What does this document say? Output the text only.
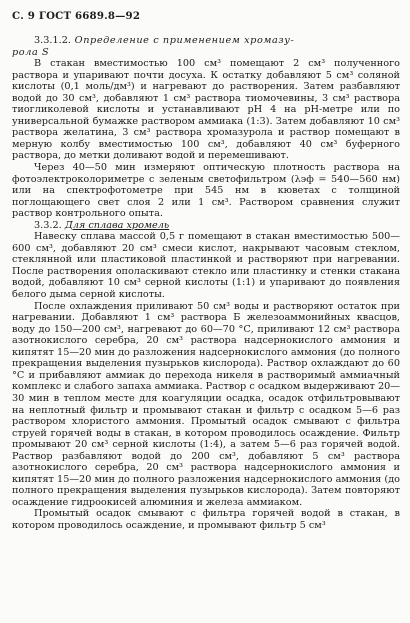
С. 9 ГОСТ 6689.8—92

3.3.1.2. Определение с применением хромазу-
рола S

В стакан вместимостью 100 см³ помещают 2 см³ полученного раствора и упаривают почти досуха. К остатку добавляют 5 см³ соляной кислоты (0,1 моль/дм³) и нагревают до растворения. Затем разбавляют водой до 30 см³, добавляют 1 см³ раствора тиомочевины, 3 см³ раствора тиогликолевой кислоты и устанавливают pH 4 на pH-метре или по универсальной бумажке раствором аммиака (1:3). Затем добавляют 10 см³ раствора желатина, 3 см³ раствора хромазурола и раствор помещают в мерную колбу вместимостью 100 см³, добавляют 40 см³ буферного раствора, до метки доливают водой и перемешивают.

Через 40—50 мин измеряют оптическую плотность раствора на фотоэлектроколориметре с зеленым светофильтром (λэф = 540—560 нм) или на спектрофотометре при 545 нм в кюветах с толщиной поглощающего свет слоя 2 или 1 см³. Раствором сравнения служит раствор контрольного опыта.

3.3.2. Для сплава хромель

Навеску сплава массой 0,5 г помещают в стакан вместимостью 500—600 см³, добавляют 20 см³ смеси кислот, накрывают часовым стеклом, стеклянной или пластиковой пластинкой и растворяют при нагревании. После растворения ополаскивают стекло или пластинку и стенки стакана водой, добавляют 10 см³ серной кислоты (1:1) и упаривают до появления белого дыма серной кислоты.

После охлаждения приливают 50 см³ воды и растворяют остаток при нагревании. Добавляют 1 см³ раствора Б железоаммонийных квасцов, воду до 150—200 см³, нагревают до 60—70 °С, приливают 12 см³ раствора азотнокислого серебра, 20 см³ раствора надсернокислого аммония и кипятят 15—20 мин до разложения надсернокислого аммония (до полного прекращения выделения пузырьков кислорода). Раствор охлаждают до 60 °С и прибавляют аммиак до перехода никеля в растворимый аммиачный комплекс и слабого запаха аммиака. Раствор с осадком выдерживают 20—30 мин в теплом месте для коагуляции осадка, осадок отфильтровывают на неплотный фильтр и промывают стакан и фильтр с осадком 5—6 раз раствором хлористого аммония. Промытый осадок смывают с фильтра струей горячей воды в стакан, в котором проводилось осаждение. Фильтр промывают 20 см³ серной кислоты (1:4), а затем 5—6 раз горячей водой. Раствор разбавляют водой до 200 см³, добавляют 5 см³ раствора азотнокислого серебра, 20 см³ раствора надсернокислого аммония и кипятят 15—20 мин до полного разложения надсернокислого аммония (до полного прекращения выделения пузырьков кислорода). Затем повторяют осаждение гидроокисей алюминия и железа аммиаком.

Промытый осадок смывают с фильтра горячей водой в стакан, в котором проводилось осаждение, и промывают фильтр 5 см³
